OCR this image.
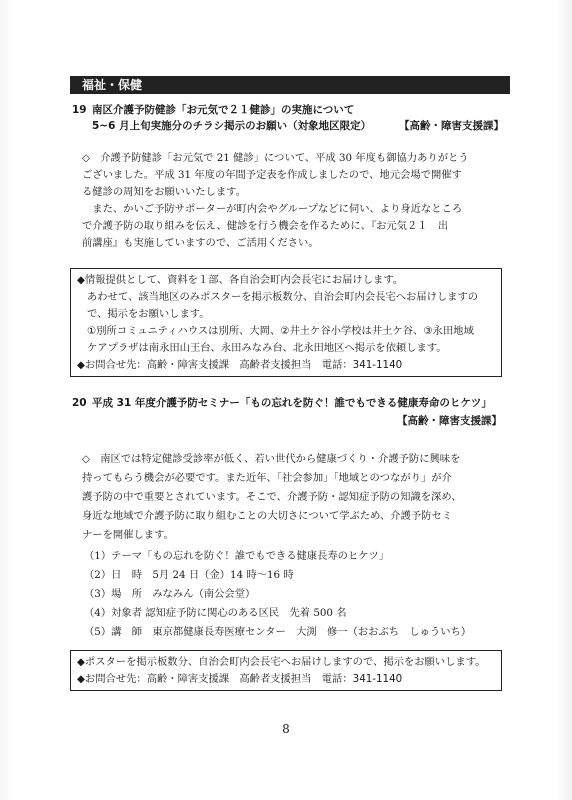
福祉・保健
19 南区介護予防健診「お元気で２１健診」の実施について
5~6 月上旬実施分のチラシ掲示のお願い（対象地区限定）	【高齢・障害支援課】

◇　介護予防健診「お元気で 21 健診」について、平成 30 年度も御協力ありがとう

ございました。平成 31 年度の年間予定表を作成しましたので、地元会場で開催す

る健診の周知をお願いいたします。

　また、かいご予防サポーターが町内会やグループなどに伺い、より身近なところ

で介護予防の取り組みを伝え、健診を行う機会を作るために、『お元気２１　出

前講座』も実施していますので、ご活用ください。

◆情報提供として、資料を１部、各自治会町内会長宅にお届けします。

あわせて、該当地区のみポスターを掲示板数分、自治会町内会長宅へお届けしますの

で、掲示をお願いします。

①別所コミュニティハウスは別所、大岡、②井土ケ谷小学校は井土ケ谷、③永田地域

ケアプラザは南永田山王台、永田みなみ台、北永田地区へ掲示を依頼します。

◆お問合せ先：高齢・障害支援課　高齢者支援担当　電話：341-1140

20 平成 31 年度介護予防セミナー「もの忘れを防ぐ！誰でもできる健康寿命のヒケツ」
【高齢・障害支援課】

◇　南区では特定健診受診率が低く、若い世代から健康づくり・介護予防に興味を

持ってもらう機会が必要です。また近年、「社会参加」「地域とのつながり」が介

護予防の中で重要とされています。そこで、介護予防・認知症予防の知識を深め、

身近な地域で介護予防に取り組むことの大切さについて学ぶため、介護予防セミ

ナーを開催します。

（1）テーマ「もの忘れを防ぐ！誰でもできる健康長寿のヒケツ」

（2）日　時　5月 24 日（金）14 時～16 時

（3）場　所　みなみん（南公会堂）

（4）対象者 認知症予防に関心のある区民　先着 500 名

（5）講　師　東京都健康長寿医療センター　大渕　修一（おおぶち　しゅういち）

◆ポスターを掲示板数分、自治会町内会長宅へお届けしますので、掲示をお願いします。

◆お問合せ先：高齢・障害支援課　高齢者支援担当　電話：341-1140

8
